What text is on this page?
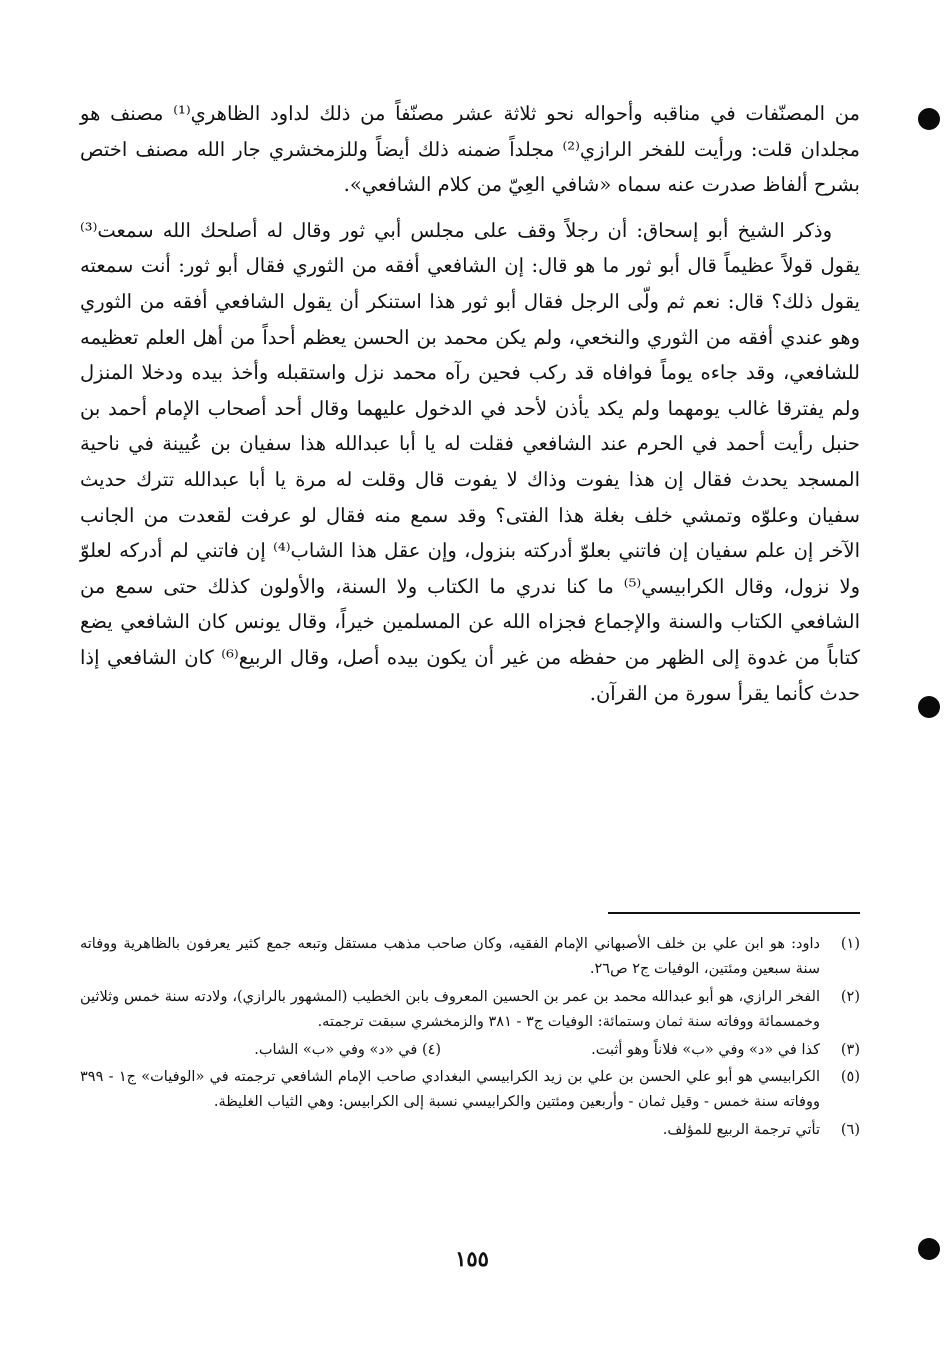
من المصنّفات في مناقبه وأحواله نحو ثلاثة عشر مصنّفاً من ذلك لداود الظاهري⁽¹⁾ مصنف هو مجلدان قلت: ورأيت للفخر الرازي⁽²⁾ مجلداً ضمنه ذلك أيضاً وللزمخشري جار الله مصنف اختص بشرح ألفاظ صدرت عنه سماه «شافي العِيّ من كلام الشافعي».

وذكر الشيخ أبو إسحاق: أن رجلاً وقف على مجلس أبي ثور وقال له أصلحك الله سمعت⁽³⁾ يقول قولاً عظيماً قال أبو ثور ما هو قال: إن الشافعي أفقه من الثوري فقال أبو ثور: أنت سمعته يقول ذلك؟ قال: نعم ثم ولّى الرجل فقال أبو ثور هذا استنكر أن يقول الشافعي أفقه من الثوري وهو عندي أفقه من الثوري والنخعي، ولم يكن محمد بن الحسن يعظم أحداً من أهل العلم تعظيمه للشافعي، وقد جاءه يوماً فوافاه قد ركب فحين رآه محمد نزل واستقبله وأخذ بيده ودخلا المنزل ولم يفترقا غالب يومهما ولم يكد يأذن لأحد في الدخول عليهما وقال أحد أصحاب الإمام أحمد بن حنبل رأيت أحمد في الحرم عند الشافعي فقلت له يا أبا عبدالله هذا سفيان بن عُيينة في ناحية المسجد يحدث فقال إن هذا يفوت وذاك لا يفوت قال وقلت له مرة يا أبا عبدالله تترك حديث سفيان وعلوّه وتمشي خلف بغلة هذا الفتى؟ وقد سمع منه فقال لو عرفت لقعدت من الجانب الآخر إن علم سفيان إن فاتني بعلوّ أدركته بنزول، وإن عقل هذا الشاب⁽⁴⁾ إن فاتني لم أدركه لعلوّ ولا نزول، وقال الكرابيسي⁽⁵⁾ ما كنا ندري ما الكتاب ولا السنة، والأولون كذلك حتى سمع من الشافعي الكتاب والسنة والإجماع فجزاه الله عن المسلمين خيراً، وقال يونس كان الشافعي يضع كتاباً من غدوة إلى الظهر من حفظه من غير أن يكون بيده أصل، وقال الربيع⁽⁶⁾ كان الشافعي إذا حدث كأنما يقرأ سورة من القرآن.

(١)
داود: هو ابن علي بن خلف الأصبهاني الإمام الفقيه، وكان صاحب مذهب مستقل وتبعه جمع كثير يعرفون بالظاهرية ووفاته سنة سبعين ومئتين، الوفيات ج٢ ص٢٦.
(٢)
الفخر الرازي، هو أبو عبدالله محمد بن عمر بن الحسين المعروف بابن الخطيب (المشهور بالرازي)، ولادته سنة خمس وثلاثين وخمسمائة ووفاته سنة ثمان وستمائة: الوفيات ج٣ - ٣٨١ والزمخشري سبقت ترجمته.
(٣)
كذا في «د» وفي «ب» فلاناً وهو أثبت.
(٤) في «د» وفي «ب» الشاب.
(٥)
الكرابيسي هو أبو علي الحسن بن علي بن زيد الكرابيسي البغدادي صاحب الإمام الشافعي ترجمته في «الوفيات» ج١ - ٣٩٩ ووفاته سنة خمس - وقيل ثمان - وأربعين ومئتين والكرابيسي نسبة إلى الكرابيس: وهي الثياب الغليظة.
(٦)
تأتي ترجمة الربيع للمؤلف.
١٥٥
